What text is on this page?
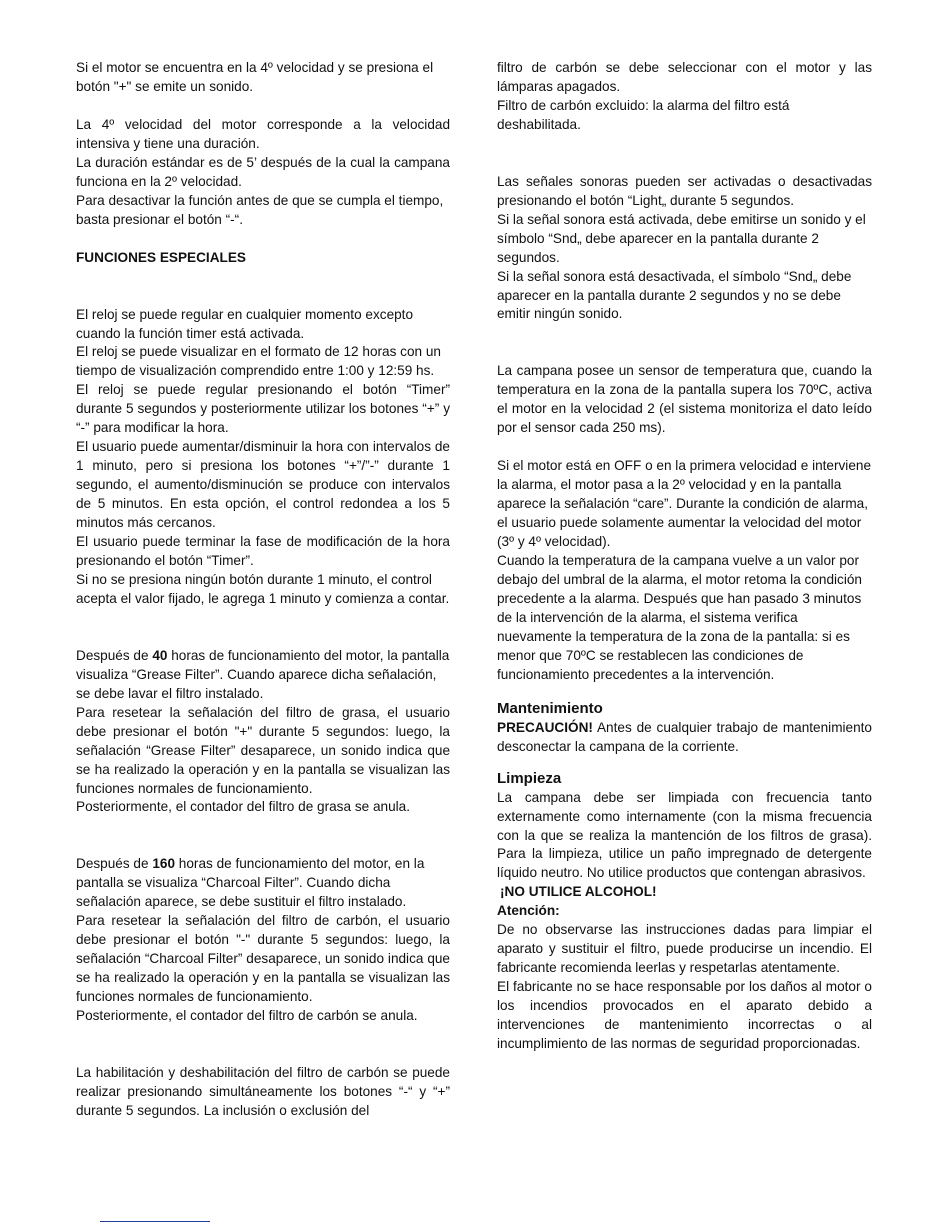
Si el motor se encuentra en la 4º velocidad y se presiona el botón "+" se emite un sonido.

La 4º velocidad del motor corresponde a la velocidad intensiva y tiene una duración.

La duración estándar es de 5’ después de la cual la campana funciona en la 2º velocidad.

Para desactivar la función antes de que se cumpla el tiempo, basta presionar el botón “-“.

FUNCIONES ESPECIALES

El reloj se puede regular en cualquier momento excepto cuando la función timer está activada.

El reloj se puede visualizar en el formato de 12 horas con un tiempo de visualización comprendido entre 1:00 y 12:59 hs.

El reloj se puede regular presionando el botón “Timer” durante 5 segundos y posteriormente utilizar los botones “+” y “-” para modificar la hora.

El usuario puede aumentar/disminuir la hora con intervalos de 1 minuto, pero si presiona los botones “+”/”-” durante 1 segundo, el aumento/disminución se produce con intervalos de 5 minutos. En esta opción, el control redondea a los 5 minutos más cercanos.

El usuario puede terminar la fase de modificación de la hora presionando el botón “Timer”.

Si no se presiona ningún botón durante 1 minuto, el control acepta el valor fijado, le agrega 1 minuto y comienza a contar.

Después de 40 horas de funcionamiento del motor, la pantalla visualiza “Grease Filter”. Cuando aparece dicha señalación, se debe lavar el filtro instalado.

Para resetear la señalación del filtro de grasa, el usuario debe presionar el botón "+" durante 5 segundos: luego, la señalación “Grease Filter” desaparece, un sonido indica que se ha realizado la operación y en la pantalla se visualizan las funciones normales de funcionamiento.

Posteriormente, el contador del filtro de grasa se anula.

Después de 160 horas de funcionamiento del motor, en la pantalla se visualiza “Charcoal Filter”. Cuando dicha señalación aparece, se debe sustituir el filtro instalado.

Para resetear la señalación del filtro de carbón, el usuario debe presionar el botón "-" durante 5 segundos: luego, la señalación “Charcoal Filter” desaparece, un sonido indica que se ha realizado la operación y en la pantalla se visualizan las funciones normales de funcionamiento.

Posteriormente, el contador del filtro de carbón se anula.

La habilitación y deshabilitación del filtro de carbón se puede realizar presionando simultáneamente los botones “-“ y “+” durante 5 segundos. La inclusión o exclusión del

filtro de carbón se debe seleccionar con el motor y las lámparas apagados.

Filtro de carbón excluido: la alarma del filtro está deshabilitada.

Las señales sonoras pueden ser activadas o desactivadas presionando el botón “Light„ durante 5 segundos.

Si la señal sonora está activada, debe emitirse un sonido y el símbolo “Snd„ debe aparecer en la pantalla durante 2 segundos.

Si la señal sonora está desactivada, el símbolo “Snd„ debe aparecer en la pantalla durante 2 segundos y no se debe emitir ningún sonido.

La campana posee un sensor de temperatura que, cuando la temperatura en la zona de la pantalla supera los 70ºC, activa el motor en la velocidad 2 (el sistema monitoriza el dato leído por el sensor cada 250 ms).

Si el motor está en OFF o en la primera velocidad e interviene la alarma, el motor pasa a la 2º velocidad y en la pantalla aparece la señalación “care”. Durante la condición de alarma, el usuario puede solamente aumentar la velocidad del motor (3º y 4º velocidad).

Cuando la temperatura de la campana vuelve a un valor por debajo del umbral de la alarma, el motor retoma la condición precedente a la alarma. Después que han pasado 3 minutos de la intervención de la alarma, el sistema verifica nuevamente la temperatura de la zona de la pantalla: si es menor que 70ºC se restablecen las condiciones de funcionamiento precedentes a la intervención.

Mantenimiento

PRECAUCIÓN! Antes de cualquier trabajo de mantenimiento desconectar la campana de la corriente.

Limpieza

La campana debe ser limpiada con frecuencia tanto externamente como internamente (con la misma frecuencia con la que se realiza la mantención de los filtros de grasa). Para la limpieza, utilice un paño impregnado de detergente líquido neutro. No utilice productos que contengan abrasivos.

¡NO UTILICE ALCOHOL!

Atención:

De no observarse las instrucciones dadas para limpiar el aparato y sustituir el filtro, puede producirse un incendio. El fabricante recomienda leerlas y respetarlas atentamente.

El fabricante no se hace responsable por los daños al motor o los incendios provocados en el aparato debido a intervenciones de mantenimiento incorrectas o al incumplimiento de las normas de seguridad proporcionadas.
